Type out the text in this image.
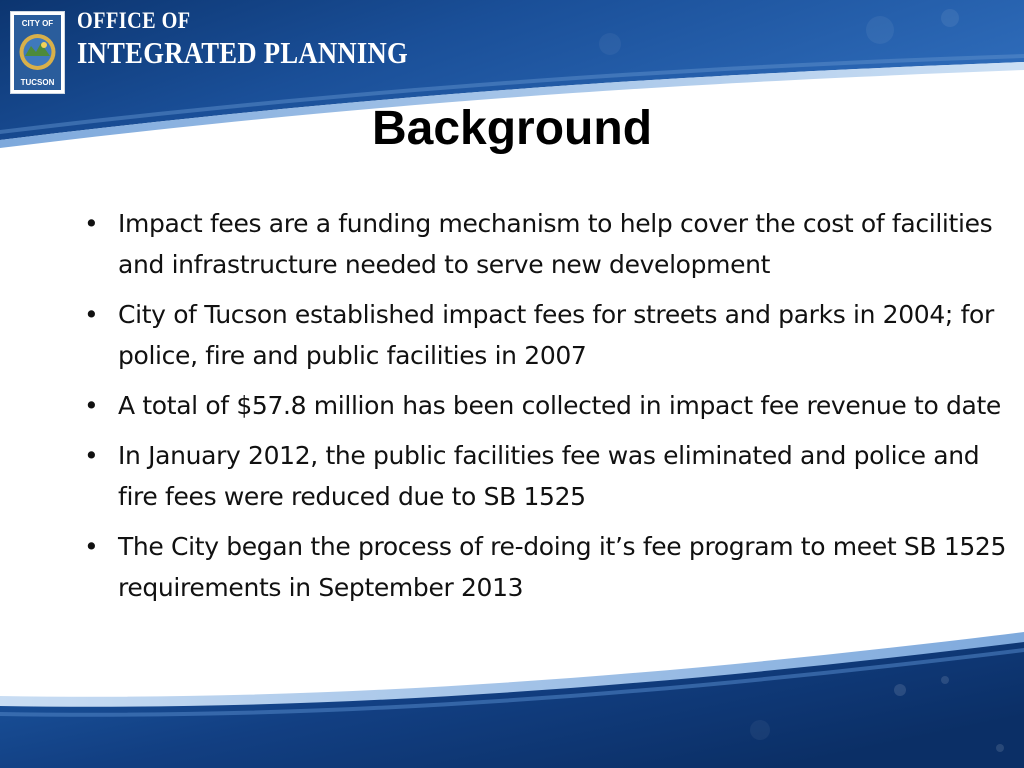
CITY OF
TUCSON
OFFICE OF
INTEGRATED PLANNING
Background
• Impact fees are a funding mechanism to help cover the cost of facilities and infrastructure needed to serve new development
• City of Tucson established impact fees for streets and parks in 2004; for police, fire and public facilities in 2007
• A total of $57.8 million has been collected in impact fee revenue to date
• In January 2012, the public facilities fee was eliminated and police and fire fees were reduced due to SB 1525
• The City began the process of re-doing it’s fee program to meet SB 1525 requirements in September 2013
